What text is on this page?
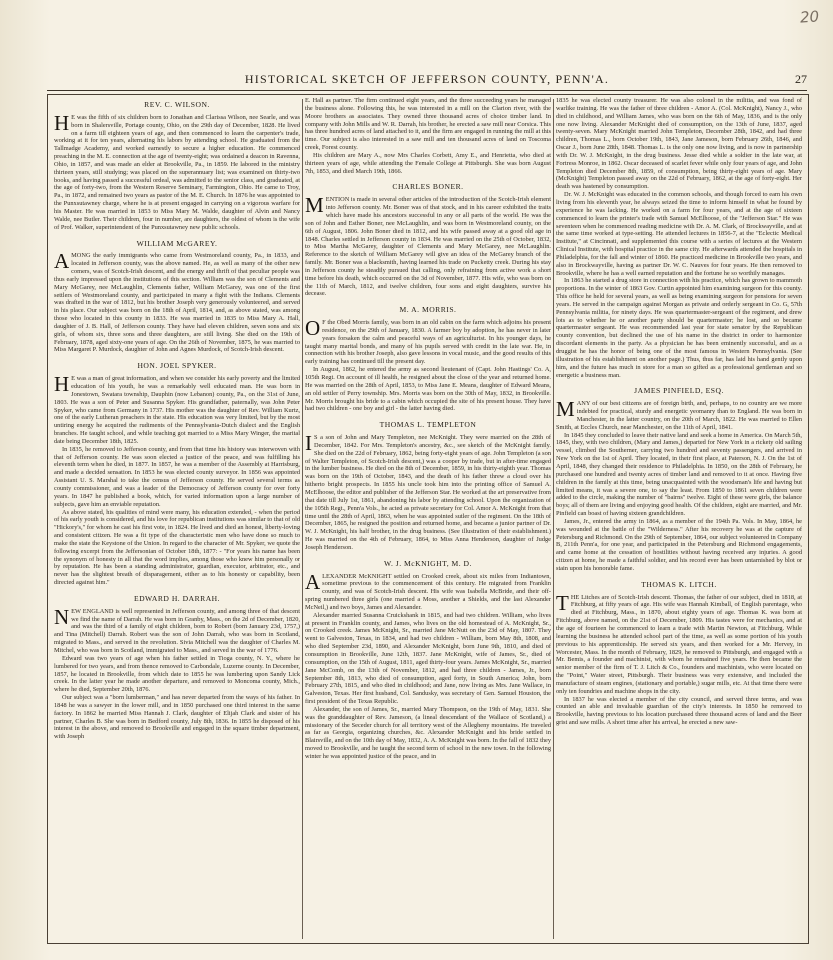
20
HISTORICAL SKETCH OF JEFFERSON COUNTY, PENN'A.	27
REV. C. WILSON.

H E was the fifth of six children born to Jonathan and Clarissa Wilson, nee Searle, and was born in Shalersville, Portage county, Ohio, on the 29th day of December, 1828. He lived on a farm till eighteen years of age, and then commenced to learn the carpenter's trade, working at it for ten years, alternating his labors by attending school. He graduated from the Tallmadge Academy, and worked earnestly to secure a higher education. He commenced preaching in the M. E. connection at the age of twenty-eight; was ordained a deacon in Ravenna, Ohio, in 1857, and was made an elder at Brookville, Pa., in 1859. He labored in the ministry thirteen years, still studying; was placed on the superannuary list; was examined on thirty-two books, and having passed a successful ordeal, was admitted to the senior class, and graduated, at the age of forty-two, from the Western Reserve Seminary, Farmington, Ohio. He came to Troy, Pa., in 1872, and remained two years as pastor of the M. E. Church. In 1876 he was appointed to the Punxsutawney charge, where he is at present engaged in carrying on a vigorous warfare for his Master. He was married in 1853 to Miss Mary M. Walde, daughter of Alvin and Nancy Walde, nee Butler. Their children, four in number, are daughters, the oldest of whom is the wife of Prof. Walker, superintendent of the Punxsutawney new public schools.

WILLIAM McGAREY.

AMONG the early immigrants who came from Westmoreland county, Pa., in 1833, and located in Jefferson county, was the above named. He, as well as many of the other new comers, was of Scotch-Irish descent, and the energy and thrift of that peculiar people was thus early impressed upon the institutions of this section. William was the son of Clements and Mary McGarey, nee McLaughlin, Clements father, William McGarey, was one of the first settlers of Westmoreland county, and participated in many a fight with the Indians. Clements was drafted in the war of 1812, but his brother Joseph very generously volunteered, and served in his place. Our subject was born on the 18th of April, 1814, and, as above stated, was among those who located in this county in 1833. He was married in 1835 to Miss Mary A. Hall, daughter of J. B. Hall, of Jefferson county. They have had eleven children, seven sons and six girls, of whom six, three sons and three daughters, are still living. She died on the 19th of February, 1878, aged sixty-one years of age. On the 26th of November, 1875, he was married to Miss Margaret P. Murdock, daughter of John and Agnes Murdock, of Scotch-Irish descent.

HON. JOEL SPYKER.

H E was a man of great information, and when we consider his early poverty and the limited education of his youth, he was a remarkably well educated man. He was born in Jonestown, Swatara township, Dauphin (now Lebanon) county, Pa., on the 31st of June, 1803. He was a son of Peter and Susanna Spyker. His grandfather, paternally, was John Peter Spyker, who came from Germany in 1737. His mother was the daughter of Rev. William Kurtz, one of the early Lutheran preachers in the state. His education was very limited, but by the most untiring energy he acquired the rudiments of the Pennsylvania-Dutch dialect and the English branches. He taught school, and while teaching got married to a Miss Mary Winger, the marital date being December 18th, 1825.

In 1835, he removed to Jefferson county, and from that time his history was interwoven with that of Jefferson county. He was soon elected a justice of the peace, and was fulfilling his eleventh term when he died, in 1877. In 1857, he was a member of the Assembly at Harrisburg, and made a decided sensation. In 1853 he was elected county surveyor. In 1856 was appointed Assistant U. S. Marshal to take the census of Jefferson county. He served several terms as county commissioner, and was a leader of the Democracy of Jefferson county for over forty years. In 1847 he published a book, which, for varied information upon a large number of subjects, gave him an enviable reputation.

As above stated, his qualities of mind were many, his education extended, - when the period of his early youth is considered, and his love for republican institutions was similar to that of old "Hickory's," for whom he cast his first vote, in 1824. He lived and died an honest, liberty-loving and consistent citizen. He was a fit type of the characteristic men who have done so much to make the state the Keystone of the Union. In regard to the character of Mr. Spyker, we quote the following excerpt from the Jeffersonian of October 18th, 1877: - "For years his name has been the synonym of honesty in all that the word implies, among those who knew him personally or by reputation. He has been a standing administrator, guardian, executor, arbitrator, etc., and never has the slightest breath of disparagement, either as to his honesty or capability, been directed against him."

EDWARD H. DARRAH.

NEW ENGLAND is well represented in Jefferson county, and among three of that descent we find the name of Darrah. He was born in Granby, Mass., on the 2d of December, 1820, and was the third of a family of eight children, born to Robert (born January 23d, 1757,) and Tina (Mitchell) Darrah. Robert was the son of John Darrah, who was born in Scotland, migrated to Mass., and served in the revolution. Sivia Mitchell was the daughter of Charles M. Mitchel, who was born in Scotland, immigrated to Mass., and served in the war of 1776.

Edward was two years of age when his father settled in Tioga county, N. Y., where he lumbered for two years, and from thence removed to Carbondale, Luzerne county. In December, 1857, he located in Brookville, from which date to 1855 he was lumbering upon Sandy Lick creek. In the latter year he made another departure, and removed to Moncoma county, Mich., where he died, September 20th, 1876.

Our subject was a "born lumberman," and has never departed from the ways of his father. In 1848 he was a sawyer in the lower mill, and in 1850 purchased one third interest in the same factory. In 1862 he married Miss Hannah J. Clark, daughter of Elijah Clark and sister of his partner, Charles B. She was born in Bedford county, July 8th, 1836. In 1855 he disposed of his interest in the above, and removed to Brookville and engaged in the square timber department, with Joseph

E. Hall as partner. The firm continued eight years, and the three succeeding years he managed the business alone. Following this, he was interested in a mill on the Clarion river, with the Moore brothers as associates. They owned three thousand acres of choice timber land. In company with John Mills and W. R. Darrah, his brother, he erected a saw mill near Corsica. This has three hundred acres of land attached to it, and the firm are engaged in running the mill at this time. Our subject is also interested in a saw mill and ten thousand acres of land on Toscoma creek, Forest county.

His children are Mary A., now Mrs Charles Corbett, Amy E., and Henrietta, who died at thirteen years of age, while attending the Female College at Pittsburgh. She was born August 7th, 1853, and died March 19th, 1866.

CHARLES BONER.

MENTION is made in several other articles of the introduction of the Scotch-Irish element into Jefferson county. Mr. Boner was of that stock, and in his career exhibited the traits which have made his ancestors successful in any or all parts of the world. He was the son of John and Esther Boner, nee McLaughlin, and was born in Westmoreland county, on the 6th of August, 1806. John Boner died in 1812, and his wife passed away at a good old age in 1848. Charles settled in Jefferson county in 1834. He was married on the 25th of October, 1832, to Miss Martha McGarey, daughter of Clements and Mary McGarey, nee McLaughlin. Reference to the sketch of William McGarey will give an idea of the McGarey branch of the family. Mr. Boner was a blacksmith, having learned his trade on Pucketty creek. During his stay in Jefferson county he steadily pursued that calling, only refraining from active work a short time before his death, which occurred on the 3d of November, 1877. His wife, who was born on the 11th of March, 1812, and twelve children, four sons and eight daughters, survive his decease.

M. A. MORRIS.

O F the Obed Morris family, was born in an old cabin on the farm which adjoins his present residence, on the 29th of January, 1830. A farmer boy by adoption, he has never in later years forsaken the calm and peaceful ways of an agriculturist. In his younger days, he taught many marital bonds, and many of his pupils served with credit in the late war. He, in connection with his brother Joseph, also gave lessons in vocal music, and the good results of this early training has continued till the present day.

In August, 1862, he entered the army as second lieutenant of (Capt. John Hastings' Co. A, 105th Regt. On account of ill health, he resigned about the close of the year and returned home. He was married on the 28th of April, 1853, to Miss Jane E. Means, daughter of Edward Means, an old settler of Perry township. Mrs. Morris was born on the 30th of May, 1832, in Brookville. Mr. Morris brought his bride to a cabin which occupied the site of his present house. They have had two children - one boy and girl - the latter having died.

THOMAS L. TEMPLETON

I S a son of John and Mary Templeton, nee McKnight. They were married on the 28th of December, 1842. For Mrs. Templeton's ancestry, &c., see sketch of the McKnight family. She died on the 22d of February, 1862, being forty-eight years of age. John Templeton (a son of Walter Templeton, of Scotch-Irish descent,) was a cooper by trade, but in after-time engaged in the lumber business. He died on the 8th of December, 1859, in his thirty-eighth year. Thomas was born on the 19th of October, 1843, and the death of his father threw a cloud over his hitherto bright prospects. In 1855 his uncle took him into the printing office of Samuel A. McElhoose, the editor and publisher of the Jefferson Star. He worked at the art preservative from that date till July 1st, 1861, abandoning his labor by attending school. Upon the organization of the 105th Regt., Penn'a Vols., he acted as private secretary for Col. Amor A. McKnight from that time until the 28th of April, 1863, when he was appointed sutler of the regiment. On the 18th of December, 1865, he resigned the position and returned home, and became a junior partner of Dr. W. J. McKnight, his half brother, in the drug business. (See illustration of their establishment.) He was married on the 4th of February, 1864, to Miss Anna Henderson, daughter of Judge Joseph Henderson.

W. J. McKNIGHT, M. D.

ALEXANDER McKNIGHT settled on Crooked creek, about six miles from Indiantown, sometime previous to the commencement of this century. He migrated from Franklin county, and was of Scotch-Irish descent. His wife was Isabella McBride, and their off-spring numbered three girls (one married a Moss, another a Shields, and the last Alexander McNeil,) and two boys, James and Alexander.

Alexander married Susanna Cruickshank in 1815, and had two children. William, who lives at present in Franklin county, and James, who lives on the old homestead of A. McKnight, Sr., on Crooked creek. James McKnight, Sr., married Jane McNutt on the 23d of May, 1807. They went to Galveston, Texas, in 1834, and had two children - William, born May 8th, 1808, and who died September 23d, 1890, and Alexander McKnight, born June 9th, 1810, and died of consumption in Brookville, June 12th, 1837. Jane McKnight, wife of James, Sr., died of consumption, on the 15th of August, 1811, aged thirty-four years. James McKnight, Sr., married Jane McComb, on the 13th of November, 1812, and had three children - James, Jr., born September 8th, 1813, who died of consumption, aged forty, in South America; John, born February 27th, 1815, and who died in childhood; and Jane, now living as Mrs. Jane Wallace, in Galveston, Texas. Her first husband, Col. Sandusky, was secretary of Gen. Samuel Houston, the first president of the Texas Republic.

Alexander, the son of James, Sr., married Mary Thompson, on the 19th of May, 1831. She was the granddaughter of Rev. Jameson, (a lineal descendant of the Wallace of Scotland,) a missionary of the Seceder church for all territory west of the Allegheny mountains. He traveled as far as Georgia, organizing churches, &c. Alexander McKnight and his bride settled in Blairsville, and on the 10th day of May, 1832, A. A. McKnight was born. In the fall of 1832 they moved to Brookville, and he taught the second term of school in the new town. In the following winter he was appointed justice of the peace, and in

1835 he was elected county treasurer. He was also colonel in the militia, and was fond of warlike training. He was the father of three children - Amor A. (Col. McKnight), Nancy J., who died in childhood, and William James, who was born on the 6th of May, 1836, and is the only one now living. Alexander McKnight died of consumption, on the 13th of June, 1837, aged twenty-seven. Mary McKnight married John Templeton, December 28th, 1842, and had three children, Thomas L., born October 19th, 1843, Jane Jameson, born February 26th, 1846, and Oscar J., born June 28th, 1848. Thomas L. is the only one now living, and is now in partnership with Dr. W. J. McKnight, in the drug business. Jesse died while a soldier in the late war, at Fortress Monroe, in 1862. Oscar deceased of scarlet fever while only four years of age, and John Templeton died December 8th, 1859, of consumption, being thirty-eight years of age. Mary (McKnight) Templeton passed away on the 22d of February, 1862, at the age of forty-eight. Her death was hastened by consumption.

Dr. W. J. McKnight was educated in the common schools, and though forced to earn his own living from his eleventh year, he always seized the time to inform himself in what he found by experience he was lacking. He worked on a farm for four years, and at the age of sixteen commenced to learn the printer's trade with Samuel McElhoose, of the "Jefferson Star." He was seventeen when he commenced reading medicine with Dr. A. M. Clark, of Brockwayville, and at the same time worked at type-setting. He attended lectures in 1856-7, at the "Eclectic Medical Institute," at Cincinnati, and supplemented this course with a series of lectures at the Western Clinical Institute, with hospital practice in the same city. He afterwards attended the hospitals in Philadelphia, for the fall and winter of 1860. He practiced medicine in Brookville two years, and also in Brockwayville, having as partner Dr. W. C. Nauves for four years. He then removed to Brookville, where he has a well earned reputation and the fortune he so worthily manages.

In 1863 he started a drug store in connection with his practice, which has grown to mammoth proportions. In the winter of 1863 Gov. Curtin appointed him examining surgeon for this county. This office he held for several years, as well as being examining surgeon for pensions for seven years. He served in the campaign against Morgan as private and orderly sergeant in Co. G, 57th Pennsylvania militia, for ninety days. He was quartermaster-sergeant of the regiment, and drew lots as to whether he or another party should be quartermaster; he lost, and so became quartermaster sergeant. He was recommended last year for state senator by the Republican county convention, but declined the use of his name in the district in order to harmonize discordant elements in the party. As a physician he has been eminently successful, and as a druggist he has the honor of being one of the most famous in Western Pennsylvania. (See illustration of his establishment on another page.) Thus, thus far, has laid his hand gently upon him, and the future has much in store for a man so gifted as a professional gentleman and so energetic a business man.

JAMES PINFIELD, ESQ.

MANY of our best citizens are of foreign birth, and, perhaps, to no country are we more indebted for practical, sturdy and energetic yeomanry than to England. He was born in Manchester, in the latter country, on the 20th of March, 1822. He was married to Ellen Smith, at Eccles Church, near Manchester, on the 11th of April, 1841.

In 1845 they concluded to leave their native land and seek a home in America. On March 5th, 1845, they, with two children, (Mary and James,) departed for New York in a rickety old sailing vessel, climbed the Southerner, carrying two hundred and seventy passengers, and arrived in New York on the 1st of April. They located, in their first place, at Paterson, N. J. On the 1st of April, 1848, they changed their residence to Philadelphia. In 1850, on the 28th of February, he purchased one hundred and twenty acres of timber land and removed to it at once. Having five children in the family at this time, being unacquainted with the woodsman's life and having but limited means, it was a severe one, to say the least. From 1850 to 1861 seven children were added to the circle, making the number of "bairns" twelve. Eight of these were girls, the balance boys; all of them are living and enjoying good health. Of the children, eight are married, and Mr. Pinfield can boast of having sixteen grandchildren.

James, Jr., entered the army in 1864, as a member of the 194th Pa. Vols. In May, 1864, he was wounded at the battle of the "Wilderness." After his recovery he was at the capture of Petersburg and Richmond. On the 29th of September, 1864, our subject volunteered in Company B, 211th Penn'a, for one year, and participated in the Petersburg and Richmond engagements, and came home at the cessation of hostilities without having received any injuries. A good citizen at home, he made a faithful soldier, and his record ever has been untarnished by blot or stain upon his honorable fame.

THOMAS K. LITCH.

THE Litches are of Scotch-Irish descent. Thomas, the father of our subject, died in 1818, at Fitchburg, at fifty years of age. His wife was Hannah Kimball, of English parentage, who died at Fitchburg, Mass., in 1870, about eighty years of age. Thomas K. was born at Fitchburg, above named, on the 21st of December, 1809. His tastes were for mechanics, and at the age of fourteen he commenced to learn a trade with Martin Newton, at Fitchburg. While learning the business he attended school part of the time, as well as some portion of his youth previous to his apprenticeship. He served six years, and then worked for a Mr. Hervey, in Worcester, Mass. In the month of February, 1829, he removed to Pittsburgh, and engaged with a Mr. Bemis, a founder and machinist, with whom he remained five years. He then became the senior member of the firm of T. J. Litch & Co., founders and machinists, who were located on the "Point," Water street, Pittsburgh. Their business was very extensive, and included the manufacture of steam engines, (stationary and portable,) sugar mills, etc. At that time there were only ten foundries and machine shops in the city.

In 1837 he was elected a member of the city council, and served three terms, and was counted an able and invaluable guardian of the city's interests. In 1850 he removed to Brookville, having previous to his location purchased three thousand acres of land and the Beer grist and saw mills. A short time after his arrival, he erected a new saw-
